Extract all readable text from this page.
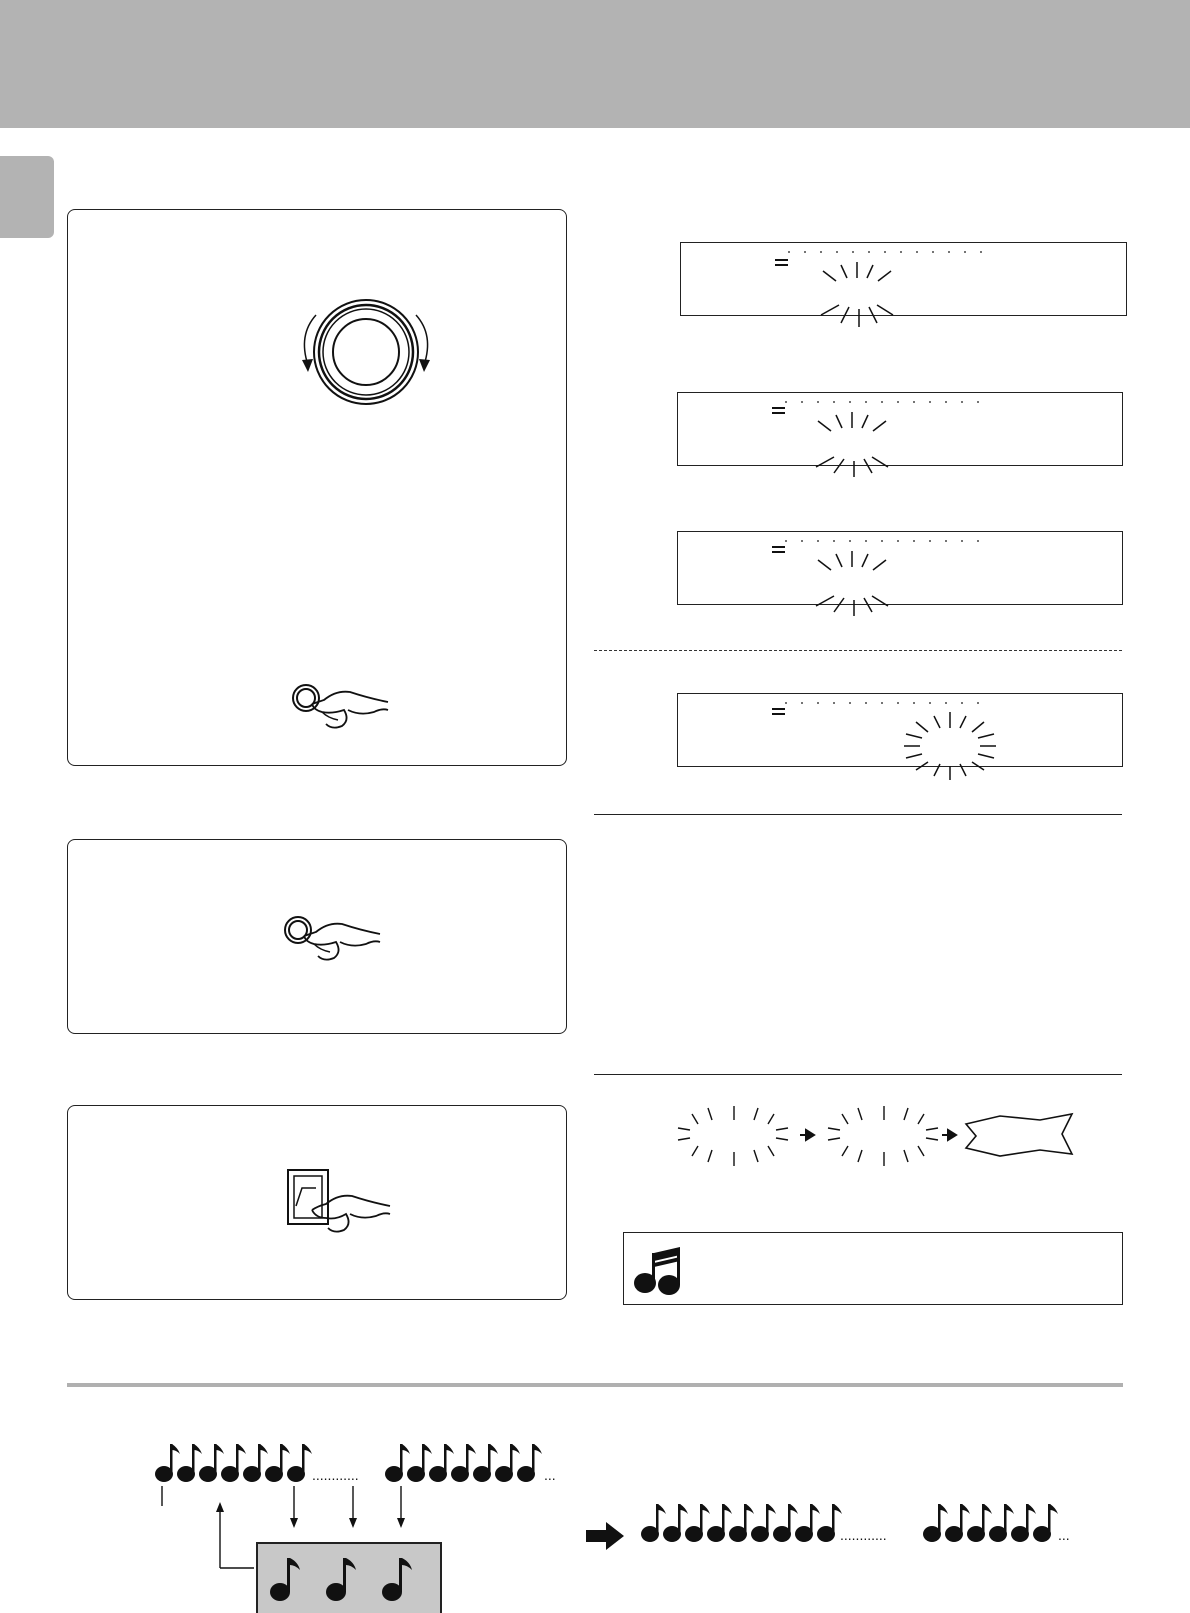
............	...
............	...
